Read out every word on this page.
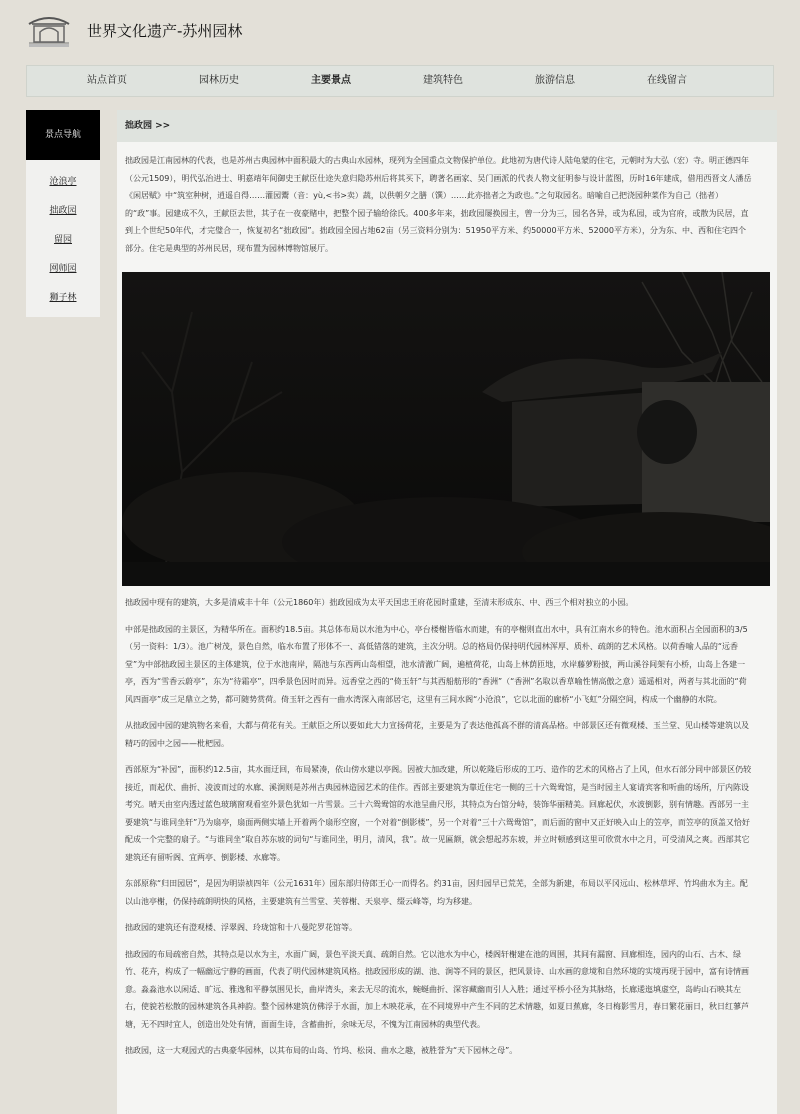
世界文化遗产-苏州园林
站点首页	园林历史	主要景点	建筑特色	旅游信息	在线留言
景点导航
沧浪亭
拙政园
留园
网师园
狮子林
拙政园 >>

拙政园是江南园林的代表，也是苏州古典园林中面积最大的古典山水园林，现列为全国重点文物保护单位。此地初为唐代诗人陆龟蒙的住宅，元朝时为大弘（宏）寺。明正德四年（公元1509），明代弘治进士、明嘉靖年间御史王献臣仕途失意归隐苏州后将其买下，聘著名画家、吴门画派的代表人物文征明参与设计蓝图，历时16年建成，借用西晋文人潘岳《闲居赋》中“筑室种树，逍遥自得……灌园鬻（音：yù,<书>卖）蔬，以供朝夕之膳（馔）……此亦拙者之为政也。”之句取园名。暗喻自己把浇园种菜作为自己（拙者）的“政”事。园建成不久，王献臣去世，其子在一夜豪赌中，把整个园子输给徐氏。400多年来，拙政园屡换园主，曾一分为三，园名各异，或为私园，或为官府，或散为民居，直到上个世纪50年代，才完璧合一，恢复初名“拙政园”。拙政园全园占地62亩（另三资料分别为：51950平方米、约50000平方米、52000平方米），分为东、中、西和住宅四个部分。住宅是典型的苏州民居，现布置为园林博物馆展厅。

拙政园中现有的建筑，大多是清咸丰十年（公元1860年）拙政园成为太平天国忠王府花园时重建，至清末形成东、中、西三个相对独立的小园。

中部是拙政园的主景区，为精华所在。面积约18.5亩。其总体布局以水池为中心，亭台楼榭皆临水而建，有的亭榭则直出水中，具有江南水乡的特色。池水面积占全园面积的3/5（另一资料：1/3）。池广树茂，景色自然，临水布置了形体不一、高低错落的建筑，主次分明。总的格局仍保持明代园林浑厚、质朴、疏朗的艺术风格。以荷香喻人品的“远香堂”为中部拙政园主景区的主体建筑，位于水池南岸，隔池与东西两山岛相望，池水清澈广阔，遍植荷花，山岛上林荫匝地，水岸藤萝粉披，两山溪谷间架有小桥，山岛上各建一亭，西为“雪香云蔚亭”，东为“待霜亭”，四季景色因时而异。远香堂之西的“倚玉轩”与其西船舫形的“香洲”（“香洲”名取以香草喻性情高傲之意）遥遥相对，两者与其北面的“荷风四面亭”成三足鼎立之势，都可随势赏荷。倚玉轩之西有一曲水湾深入南部居宅，这里有三间水阁“小沧浪”，它以北面的廊桥“小飞虹”分隔空间，构成一个幽静的水院。

从拙政园中园的建筑物名来看，大都与荷花有关。王献臣之所以要如此大力宣扬荷花，主要是为了表达他孤高不群的清高品格。中部景区还有微观楼、玉兰堂、见山楼等建筑以及精巧的园中之园——枇杷园。

西部原为“补园”，面积约12.5亩，其水面迂回，布局紧凑，依山傍水建以亭阁。因被大加改建，所以乾隆后形成的工巧、造作的艺术的风格占了上风，但水石部分同中部景区仍较接近，而起伏、曲折、凌波而过的水廊、溪涧则是苏州古典园林造园艺术的佳作。西部主要建筑为靠近住宅一侧的三十六鸳鸯馆，是当时园主人宴请宾客和听曲的场所，厅内陈设考究。晴天由室内透过蓝色玻璃窗观看室外景色犹如一片雪景。三十六鸳鸯馆的水池呈曲尺形，其特点为台馆分峙，装饰华丽精美。回廊起伏，水波倒影，别有情趣。西部另一主要建筑“与谁同坐轩”乃为扇亭，扇面两侧实墙上开着两个扇形空窗，一个对着“倒影楼”，另一个对着“三十六鸳鸯馆”，而后面的窗中又正好映入山上的笠亭，而笠亭的顶盖又恰好配成一个完整的扇子。“与谁同坐”取自苏东坡的词句“与谁同坐，明月，清风，我”。故一见匾额，就会想起苏东坡，并立时顿感到这里可欣赏水中之月，可受清风之爽。西部其它建筑还有留听阁、宜两亭、倒影楼、水廊等。

东部原称“归田园居”，是因为明崇祯四年（公元1631年）园东部归侍郎王心一而得名。约31亩，因归园早已荒芜，全部为新建，布局以平冈远山、松林草坪、竹坞曲水为主。配以山池亭榭，仍保持疏朗明快的风格，主要建筑有兰雪堂、芙蓉榭、天泉亭、缀云峰等，均为移建。

拙政园的建筑还有澄观楼、浮翠阁、玲珑馆和十八曼陀罗花馆等。

拙政园的布局疏密自然，其特点是以水为主，水面广阔，景色平淡天真、疏朗自然。它以池水为中心，楼阁轩榭建在池的周围，其间有漏窗、回廊相连，园内的山石、古木、绿竹、花卉，构成了一幅幽远宁静的画面，代表了明代园林建筑风格。拙政园形成的湖、池、涧等不同的景区，把风景诗、山水画的意境和自然环境的实境再现于园中，富有诗情画意。淼淼池水以闲适、旷远、雅逸和平静氛围见长，曲岸湾头，来去无尽的流水，蜿蜒曲折、深容藏幽而引人入胜；通过平桥小径为其脉络，长廊逶迤填虚空，岛屿山石映其左右，使貌若松散的园林建筑各具神韵。整个园林建筑仿佛浮于水面，加上木映花承，在不同境界中产生不同的艺术情趣，如夏日蕉廊，冬日梅影雪月，春日繁花丽日，秋日红蓼芦塘，无不四时宜人，创造出处处有情，面面生诗，含蓄曲折，余味无尽，不愧为江南园林的典型代表。

拙政园，这一大观园式的古典豪华园林，以其布局的山岛、竹坞、松岗、曲水之趣，被胜誉为“天下园林之母”。
